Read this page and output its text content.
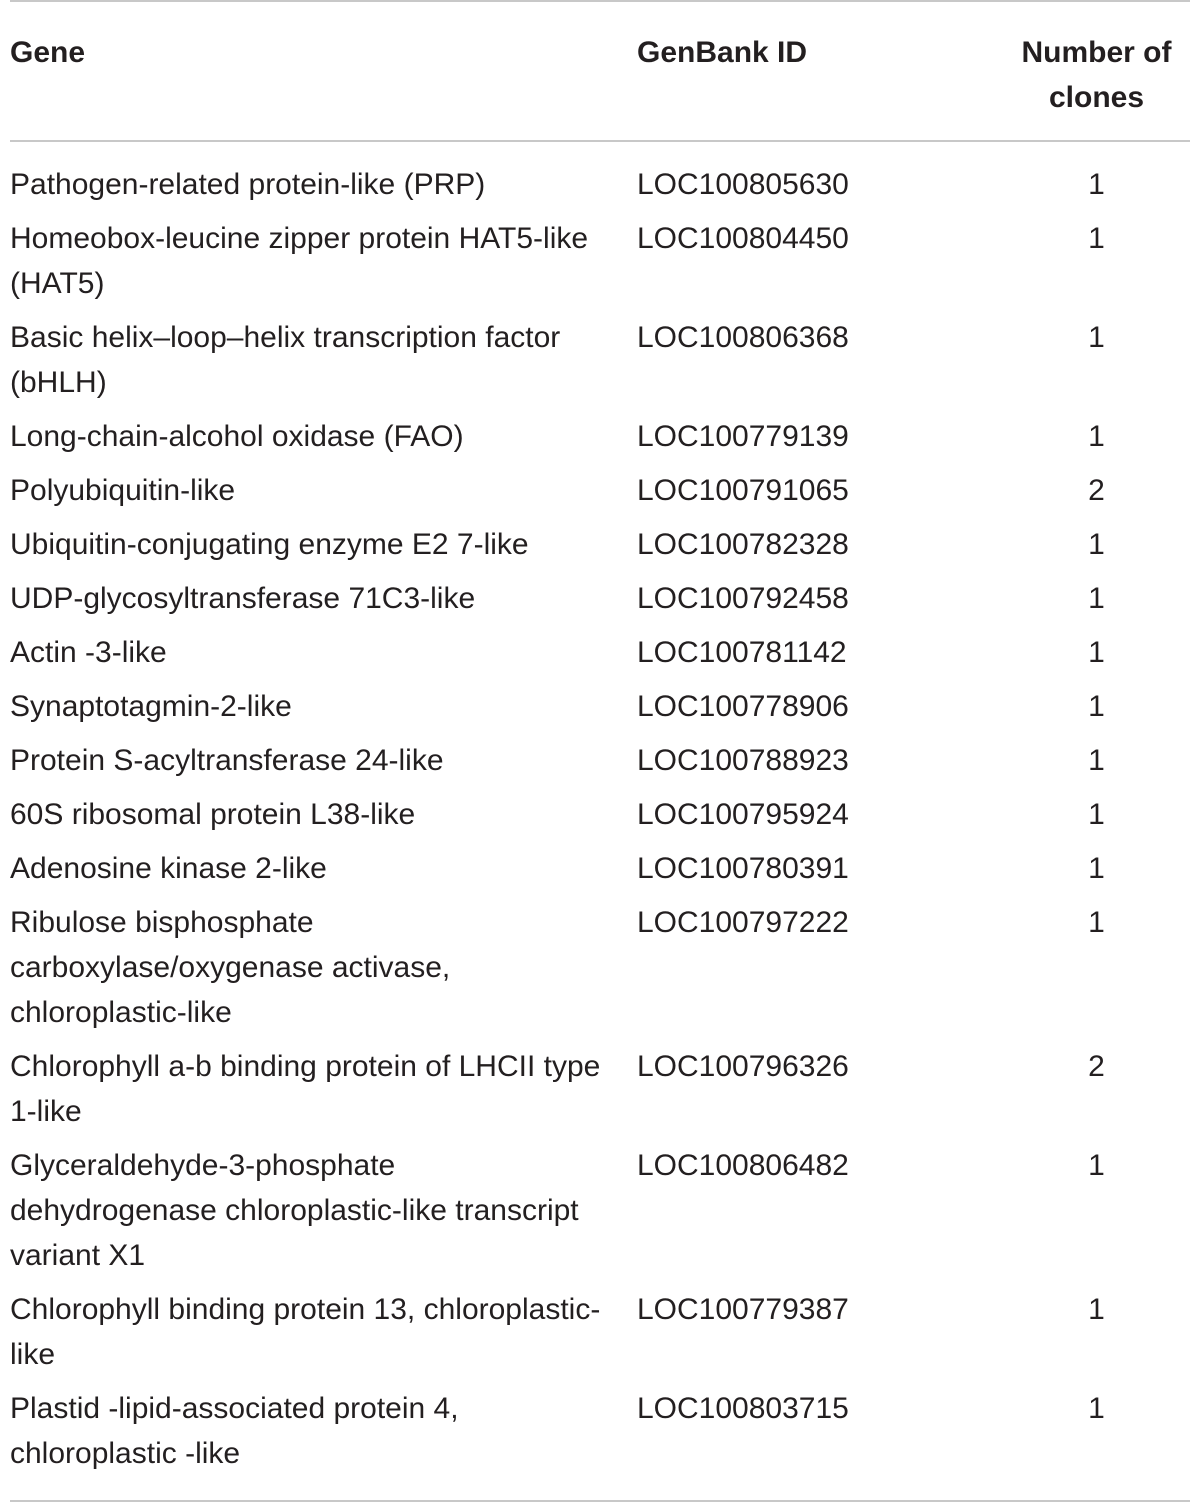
Gene	GenBank ID	Number of clones
Pathogen-related protein-like (PRP)	LOC100805630	1
Homeobox-leucine zipper protein HAT5-like (HAT5)	LOC100804450	1
Basic helix–loop–helix transcription factor (bHLH)	LOC100806368	1
Long-chain-alcohol oxidase (FAO)	LOC100779139	1
Polyubiquitin-like	LOC100791065	2
Ubiquitin-conjugating enzyme E2 7-like	LOC100782328	1
UDP-glycosyltransferase 71C3-like	LOC100792458	1
Actin -3-like	LOC100781142	1
Synaptotagmin-2-like	LOC100778906	1
Protein S-acyltransferase 24-like	LOC100788923	1
60S ribosomal protein L38-like	LOC100795924	1
Adenosine kinase 2-like	LOC100780391	1
Ribulose bisphosphate carboxylase/oxygenase activase, chloroplastic-like	LOC100797222	1
Chlorophyll a-b binding protein of LHCII type 1-like	LOC100796326	2
Glyceraldehyde-3-phosphate dehydrogenase chloroplastic-like transcript variant X1	LOC100806482	1
Chlorophyll binding protein 13, chloroplastic-like	LOC100779387	1
Plastid -lipid-associated protein 4, chloroplastic -like	LOC100803715	1
